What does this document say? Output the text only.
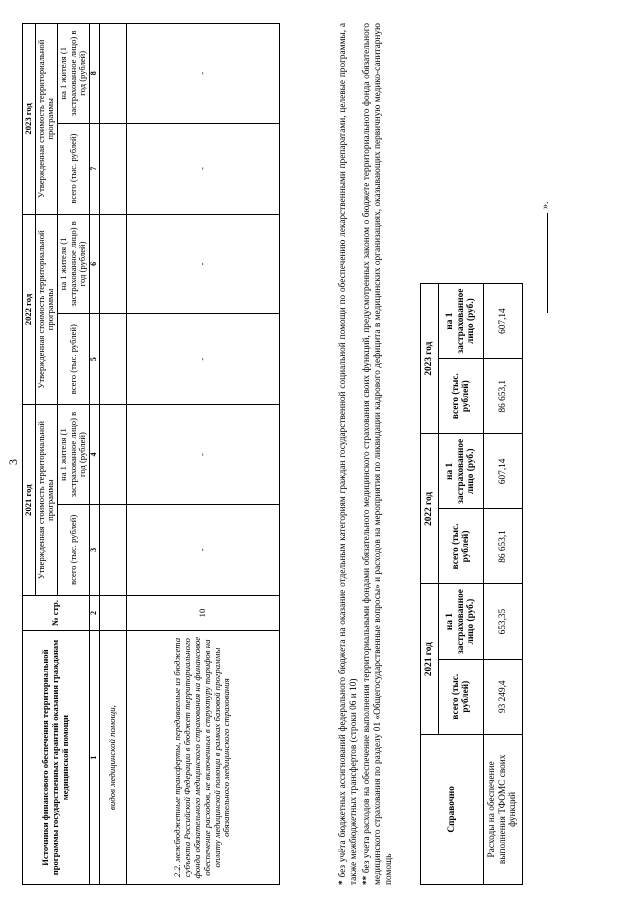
3
Источники финансового обеспечения территориальной программы государственных гарантий оказания гражданам медицинской помощи	№ стр.	2021 год		2022 год		2023 год	
		Утвержденная стоимость территориальной программы		Утвержденная стоимость территориальной программы		Утвержденная стоимость территориальной программы	
		всего (тыс. рублей)	на 1 жителя (1 застрахованное лицо) в год (рублей)	всего (тыс. рублей)	на 1 жителя (1 застрахованное лицо) в год (рублей)	всего (тыс. рублей)	на 1 жителя (1 застрахованное лицо) в год (рублей)
1	2	3	4	5	6	7	8
видов медицинской помощи,							
2.2. межбюджетные трансферты, передаваемые из бюджета субъекта Российской Федерации в бюджет территориального фонда обязательного медицинского страхования на финансовое обеспечение расходов, не включенных в структуру тарифов на оплату медицинской помощи в рамках базовой программы обязательного медицинского страхования	10	-	-	-	-	-	-

* без учёта бюджетных ассигнований федерального бюджета на оказание отдельным категориям граждан государственной социальной помощи по обеспечению лекарственными препаратами, целевые программы, а также межбюджетных трансфертов (строки 06 и 10) ** без учета расходов на обеспечение выполнения территориальными фондами обязательного медицинского страхования своих функций, предусмотренных законом о бюджете территориального фонда обязательного медицинского страхования по разделу 01 «Общегосударственные вопросы» и расходов на мероприятия по ликвидации кадрового дефицита в медицинских организациях, оказывающих первичную медико-санитарную помощь

Справочно	2021 год		2022 год		2023 год	
	всего (тыс. рублей)	на 1 застрахованное лицо (руб.)	всего (тыс. рублей)	на 1 застрахованное лицо (руб.)	всего (тыс. рублей)	на 1 застрахованное лицо (руб.)
Расходы на обеспечение выполнения ТФОМС своих функций	93 249,4	653,35	86 653,1	607,14	86 653,1	607,14
».
